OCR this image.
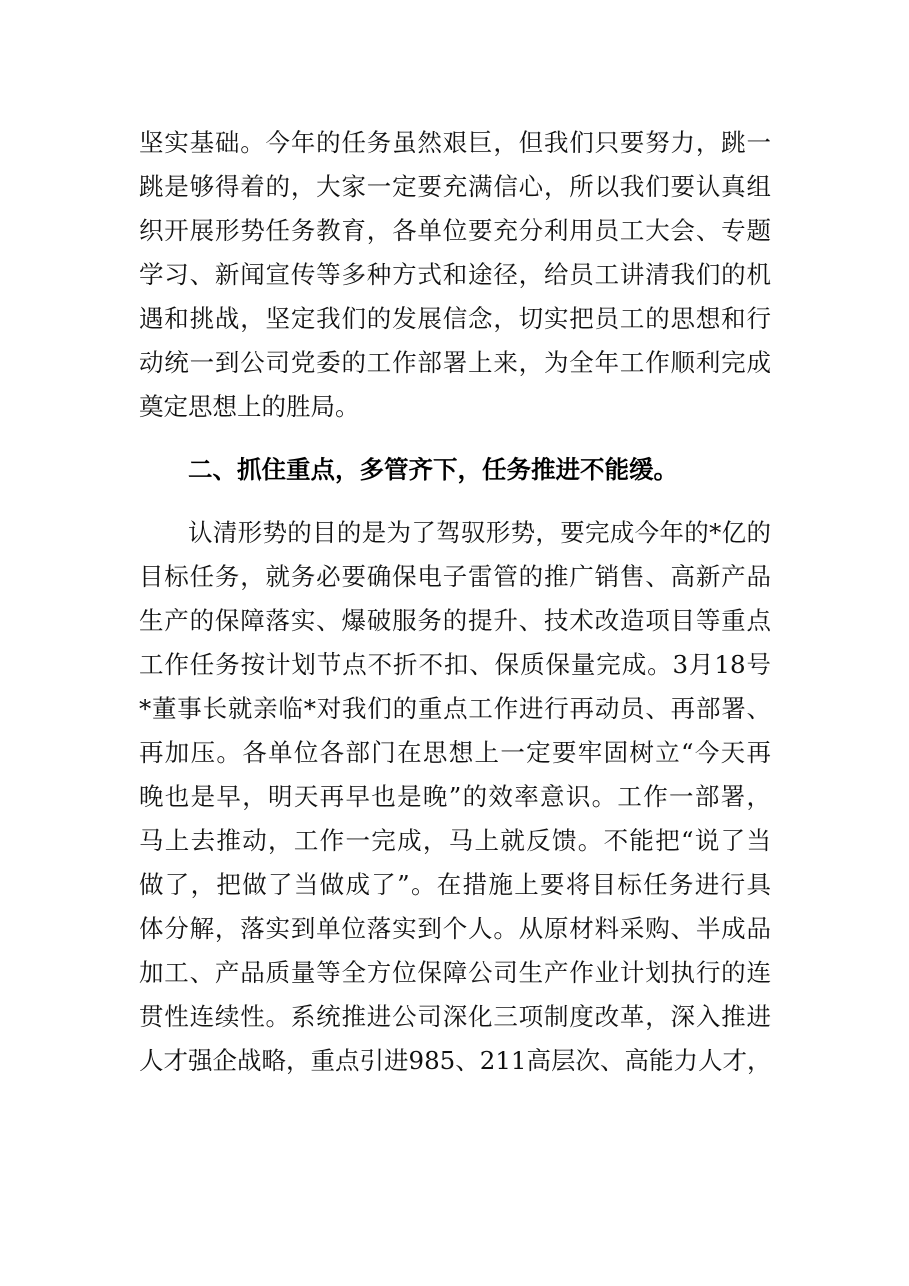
坚实基础。今年的任务虽然艰巨，但我们只要努力，跳一
跳是够得着的，大家一定要充满信心，所以我们要认真组
织开展形势任务教育，各单位要充分利用员工大会、专题
学习、新闻宣传等多种方式和途径，给员工讲清我们的机
遇和挑战，坚定我们的发展信念，切实把员工的思想和行
动统一到公司党委的工作部署上来，为全年工作顺利完成
奠定思想上的胜局。
二、抓住重点，多管齐下，任务推进不能缓。
认清形势的目的是为了驾驭形势，要完成今年的*亿的
目标任务，就务必要确保电子雷管的推广销售、高新产品
生产的保障落实、爆破服务的提升、技术改造项目等重点
工作任务按计划节点不折不扣、保质保量完成。3月18号
*董事长就亲临*对我们的重点工作进行再动员、再部署、
再加压。各单位各部门在思想上一定要牢固树立“今天再
晚也是早，明天再早也是晚”的效率意识。工作一部署，
马上去推动，工作一完成，马上就反馈。不能把“说了当
做了，把做了当做成了”。在措施上要将目标任务进行具
体分解，落实到单位落实到个人。从原材料采购、半成品
加工、产品质量等全方位保障公司生产作业计划执行的连
贯性连续性。系统推进公司深化三项制度改革，深入推进
人才强企战略，重点引进985、211高层次、高能力人才，
